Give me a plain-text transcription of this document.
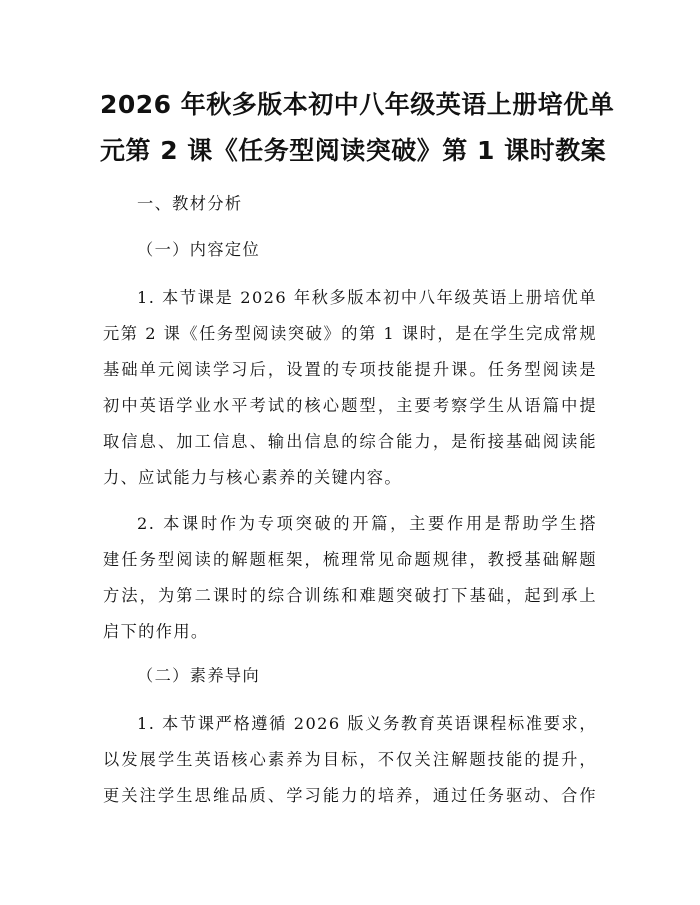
2026 年秋多版本初中八年级英语上册培优单
元第 2 课《任务型阅读突破》第 1 课时教案
一、教材分析
（一）内容定位
1. 本节课是 2026 年秋多版本初中八年级英语上册培优单
元第 2 课《任务型阅读突破》的第 1 课时，是在学生完成常规
基础单元阅读学习后，设置的专项技能提升课。任务型阅读是
初中英语学业水平考试的核心题型，主要考察学生从语篇中提
取信息、加工信息、输出信息的综合能力，是衔接基础阅读能
力、应试能力与核心素养的关键内容。
2. 本课时作为专项突破的开篇，主要作用是帮助学生搭
建任务型阅读的解题框架，梳理常见命题规律，教授基础解题
方法，为第二课时的综合训练和难题突破打下基础，起到承上
启下的作用。
（二）素养导向
1. 本节课严格遵循 2026 版义务教育英语课程标准要求，
以发展学生英语核心素养为目标，不仅关注解题技能的提升，
更关注学生思维品质、学习能力的培养，通过任务驱动、合作
